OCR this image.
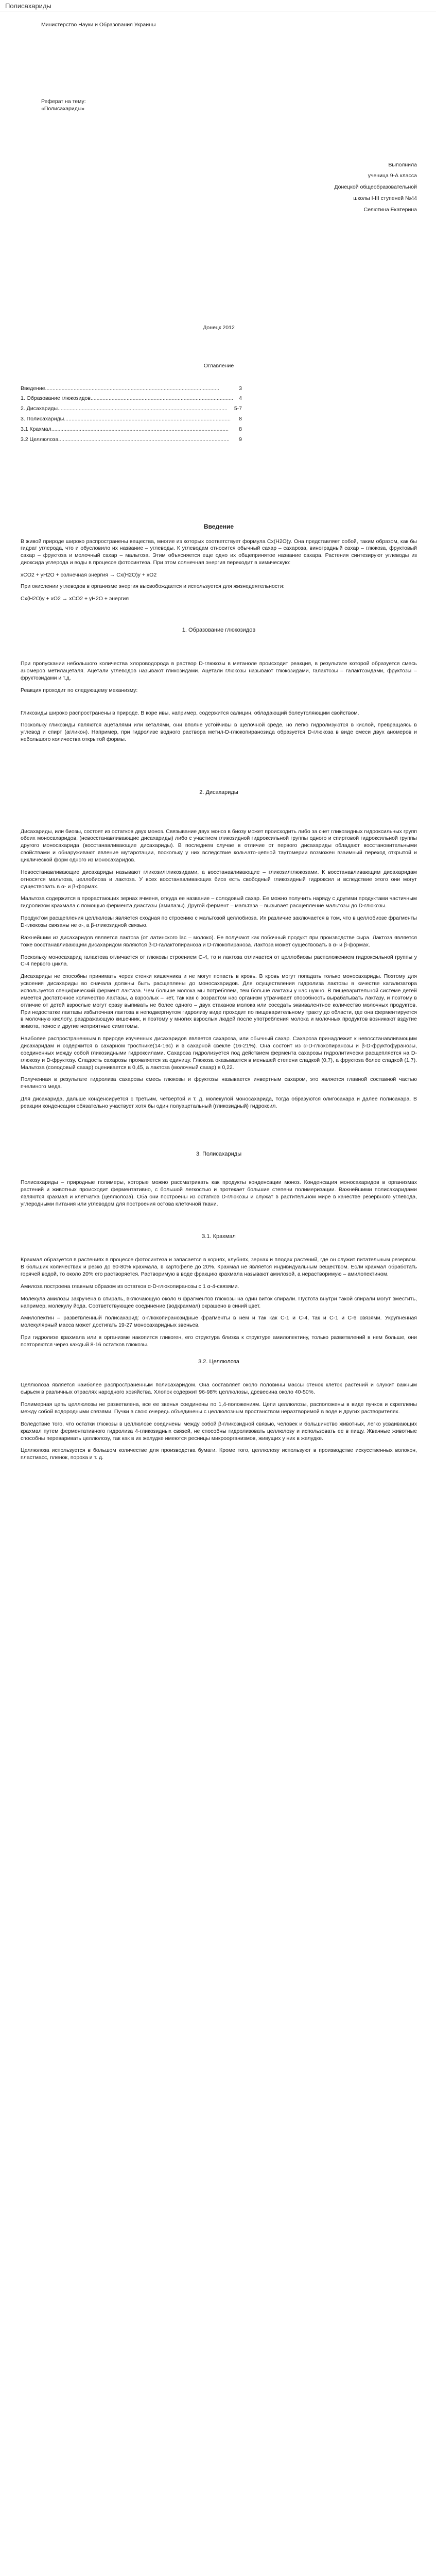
Полисахариды
Министерство Науки и Образования Украины
Реферат на тему:
«Полисахариды»
Выполнила
ученица 9-А класса
Донецкой общеобразовательной
школы I-III ступеней №44
Селютина Екатерина
Донецк 2012
Оглавление
Введение ....................................................................................................................	3
1. Образование глюкозидов ...............................................................................................	4
2. Дисахариды .................................................................................................................	5-7
3. Полисахариды ...............................................................................................................	8
3.1 Крахмал ......................................................................................................................	8
3.2 Целлюлоза ..................................................................................................................	9
Введение

В живой природе широко распространены вещества, многие из которых соответствует формула Cx(H2O)y. Она представляет собой, таким образом, как бы гидрат углерода, что и обусловило их название – углеводы. К углеводам относится обычный сахар – сахароза, виноградный сахар – глюкоза, фруктовый сахар – фруктоза и молочный сахар – мальтоза. Этим объясняется еще одно их общепринятое название сахара. Растения синтезируют углеводы из диоксида углерода и воды в процессе фотосинтеза. При этом солнечная энергия переходит в химическую:

xCO2 + yH2O + солнечная энергия → Cx(H2O)y + xO2

При окислении углеводов в организме энергия высвобождается и используется для жизнедеятельности:

Cx(H2O)y + xO2 → xCO2 + yH2O + энергия

1. Образование глюкозидов

При пропускании небольшого количества хлороводорода в раствор D-глюкозы в метаноле происходит реакция, в результате которой образуется смесь аномеров метилацеталя. Ацетали углеводов называют гликозидами. Ацетали глюкозы называют глюкозидами, галактозы – галактозидами, фруктозы – фруктозидами и т.д.

Реакция проходит по следующему механизму:

Гликозиды широко распространены в природе. В коре ивы, например, содержится салицин, обладающий болеутоляющим свойством.

Поскольку гликозиды являются ацеталями или кеталями, они вполне устойчивы в щелочной среде, но легко гидролизуются в кислой, превращаясь в углевод и спирт (агликон). Например, при гидролизе водного раствора метил-D-глюкопиранозида образуется D-глюкоза в виде смеси двух аномеров и небольшого количества открытой формы.

2. Дисахариды

Дисахариды, или биозы, состоят из остатков двух моноз. Связывание двух моноз в биозу может происходить либо за счет гликозидных гидроксильных групп обеих моносахаридов, (невосстанавливающие дисахариды) либо с участием гликозидной гидроксильной группы одного и спиртовой гидроксильной группы другого моносахарида (восстанавливающие дисахариды). В последнем случае в отличие от первого дисахариды обладают восстановительными свойствами и обнаруживают явление мутаротации, поскольку у них вследствие кольчато-цепной таутомерии возможен взаимный переход открытой и циклической форм одного из моносахаридов.

Невосстанавливающие дисахариды называют гликозилгликозидами, а восстанавливающие – гликозилглюкозами. К восстанавливающим дисахаридам относятся мальтоза, целлобиоза и лактоза. У всех восстанавливающих биоз есть свободный гликозидный гидроксил и вследствие этого они могут существовать в α- и β-формах.

Мальтоза содержится в прорастающих зернах ячменя, откуда ее название – солодовый сахар. Ее можно получить наряду с другими продуктами частичным гидролизом крахмала с помощью фермента диастазы (амилазы). Другой фермент – мальтаза – вызывает расщепление мальтозы до D-глюкозы.

Продуктом расщепления целлюлозы является сходная по строению с мальтозой целлобиоза. Их различие заключается в том, что в целлобиозе фрагменты D-глюкозы связаны не α-, а β-гликозидной связью.

Важнейшим из дисахаридов является лактоза (от латинского lac – молоко). Ее получают как побочный продукт при производстве сыра. Лактоза является тоже восстанавливающим дисахаридом являются β-D-галактопираноза и D-глюкопираноза. Лактоза может существовать в α- и β-формах.

Поскольку моносахарид галактоза отличается от глюкозы строением С-4, то и лактоза отличается от целлобиозы расположением гидроксильной группы у С-4 первого цикла.

Дисахариды не способны принимать через стенки кишечника и не могут попасть в кровь. В кровь могут попадать только моносахариды. Поэтому для усвоения дисахариды во сначала должны быть расщеплены до моносахаридов. Для осуществления гидролиза лактозы в качестве катализатора используется специфический фермент лактаза. Чем больше молока мы потребляем, тем больше лактазы у нас нужно. В пищеварительной системе детей имеется достаточное количество лактазы, а взрослых – нет, так как с возрастом нас организм утрачивает способность вырабатывать лактазу, и поэтому в отличие от детей взрослые могут сразу выпивать не более одного – двух стаканов молока или соседать эквивалентное количество молочных продуктов. При недостатке лактазы избыточная лактоза в неподвергнутом гидролизу виде проходит по пищеварительному тракту до области, где она ферментируется в молочную кислоту, раздражающую кишечник, и поэтому у многих взрослых людей после употребления молока и молочных продуктов возникают вздутие живота, понос и другие неприятные симптомы.

Наиболее распространенным в природе изученных дисахаридов является сахароза, или обычный сахар. Сахароза принадлежит к невосстанавливающим дисахаридам и содержится в сахарном тростнике(14-16с) и в сахарной свекле (16-21%). Она состоит из α-D-глюкопиранозы и β-D-фруктофуранозы, соединенных между собой гликозидными гидроксилами. Сахароза гидролизуется под действием фермента сахарозы гидролитически расщепляется на D-глюкозу и D-фруктозу. Сладость сахарозы проявляется за единицу. Глюкоза оказывается в меньшей степени сладкой (0,7), а фруктоза более сладкой (1,7). Мальтоза (солодовый сахар) оценивается в 0,45, а лактоза (молочный сахар) в 0,22.

Полученная в результате гидролиза сахарозы смесь глюкозы и фруктозы называется инвертным сахаром, это является главной составной частью пчелиного меда.

Для дисахарида, дальше конденсируется с третьим, четвертой и т. д. молекулой моносахарида, тогда образуются олигосахара и далее полисахара. В реакции конденсации обязательно участвует хотя бы один полуацетальный (гликозидный) гидроксил.

3. Полисахариды

Полисахариды – природные полимеры, которые можно рассматривать как продукты конденсации моноз. Конденсация моносахаридов в организмах растений и животных происходит ферментативно, с большой легкостью и протекает большие степени полимеризации. Важнейшими полисахаридами являются крахмал и клетчатка (целлюлоза). Оба они построены из остатков D-глюкозы и служат в растительном мире в качестве резервного углевода, углеродными питания или углеводом для построения остова клеточной ткани.

3.1. Крахмал

Крахмал образуется в растениях в процессе фотосинтеза и запасается в корнях, клубнях, зернах и плодах растений, где он служит питательным резервом. В больших количествах и резко до 60-80% крахмала, в картофеле до 20%. Крахмал не является индивидуальным веществом. Если крахмал обработать горячей водой, то около 20% его растворяется. Растворимую в воде фракцию крахмала называют амилозой, а нерастворимую – амилопектином.

Амилоза построена главным образом из остатков α-D-глюкопиранозы с 1 α-4-связями.

Молекула амилозы закручена в спираль, включающую около 6 фрагментов глюкозы на один виток спирали. Пустота внутри такой спирали могут вместить, например, молекулу йода. Соответствующее соединение (водкрахмал) окрашено в синий цвет.

Амилопектин – разветвленный полисахарид: α-глюкопиранозидные фрагменты в нем и так как С-1 и С-4, так и С-1 и С-6 связями. Укрупненная молекулярный масса может достигать 19-27 моносахаридных звеньев.

При гидролизе крахмала или в организме накопится гликоген, его структура близка к структуре амилопектину, только разветвлений в нем больше, они повторяются через каждый 8-16 остатков глюкозы.

3.2. Целлюлоза

Целлюлоза является наиболее распространенным полисахаридом. Она составляет около половины массы стенок клеток растений и служит важным сырьем в различных отраслях народного хозяйства. Хлопок содержит 96-98% целлюлозы, древесина около 40-50%.

Полимерная цепь целлюлозы не разветвлена, все ее звенья соединены по 1,4-положениям. Цепи целлюлозы, расположены в виде пучков и скреплены между собой водородными связями. Пучки в свою очередь объединены с целлюлозным простанством неразтворимой в воде и других растворителях.

Вследствие того, что остатки глюкозы в целлюлозе соединены между собой β-гликозидной связью, человек и большинство животных, легко усваивающих крахмал путем ферментативного гидролиза 4-гликозидных связей, не способны гидролизовать целлюлозу и использовать ее в пищу. Жвачные животные способны переваривать целлюлозу, так как в их желудке имеются ресницы микроорганизмов, живущих у них в желудке.

Целлюлоза используется в большом количестве для производства бумаги. Кроме того, целлюлозу используют в производстве искусственных волокон, пластмасс, пленок, пороха и т. д.
